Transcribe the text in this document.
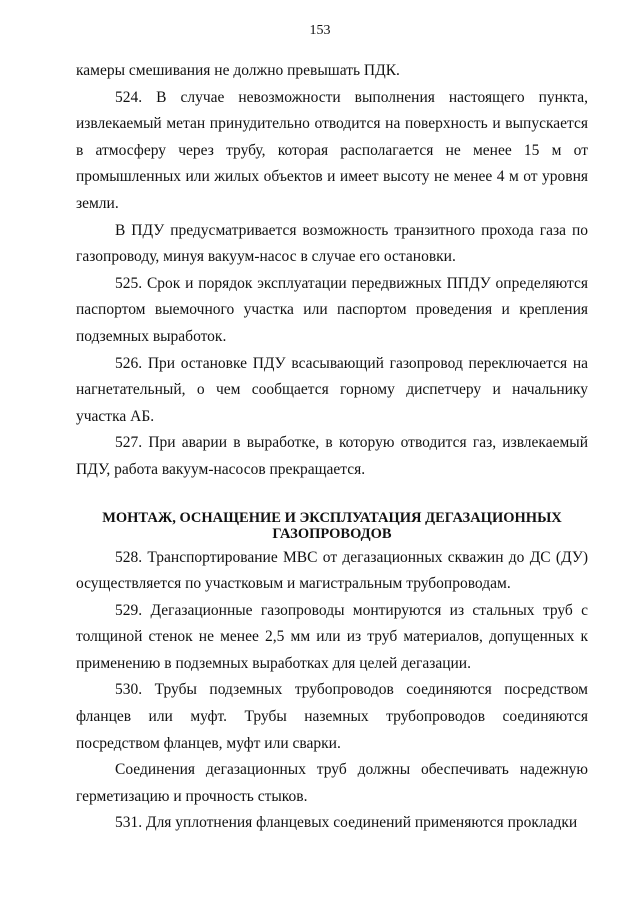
153

камеры смешивания не должно превышать ПДК.

524. В случае невозможности выполнения настоящего пункта, извлекаемый метан принудительно отводится на поверхность и выпускается в атмосферу через трубу, которая располагается не менее 15 м от промышленных или жилых объектов и имеет высоту не менее 4 м от уровня земли.

В ПДУ предусматривается возможность транзитного прохода газа по газопроводу, минуя вакуум-насос в случае его остановки.

525. Срок и порядок эксплуатации передвижных ППДУ определяются паспортом выемочного участка или паспортом проведения и крепления подземных выработок.

526. При остановке ПДУ всасывающий газопровод переключается на нагнетательный, о чем сообщается горному диспетчеру и начальнику участка АБ.

527. При аварии в выработке, в которую отводится газ, извлекаемый ПДУ, работа вакуум-насосов прекращается.

МОНТАЖ, ОСНАЩЕНИЕ И ЭКСПЛУАТАЦИЯ ДЕГАЗАЦИОННЫХ ГАЗОПРОВОДОВ

528. Транспортирование МВС от дегазационных скважин до ДС (ДУ) осуществляется по участковым и магистральным трубопроводам.

529. Дегазационные газопроводы монтируются из стальных труб с толщиной стенок не менее 2,5 мм или из труб материалов, допущенных к применению в подземных выработках для целей дегазации.

530. Трубы подземных трубопроводов соединяются посредством фланцев или муфт. Трубы наземных трубопроводов соединяются посредством фланцев, муфт или сварки.

Соединения дегазационных труб должны обеспечивать надежную герметизацию и прочность стыков.

531. Для уплотнения фланцевых соединений применяются прокладки
